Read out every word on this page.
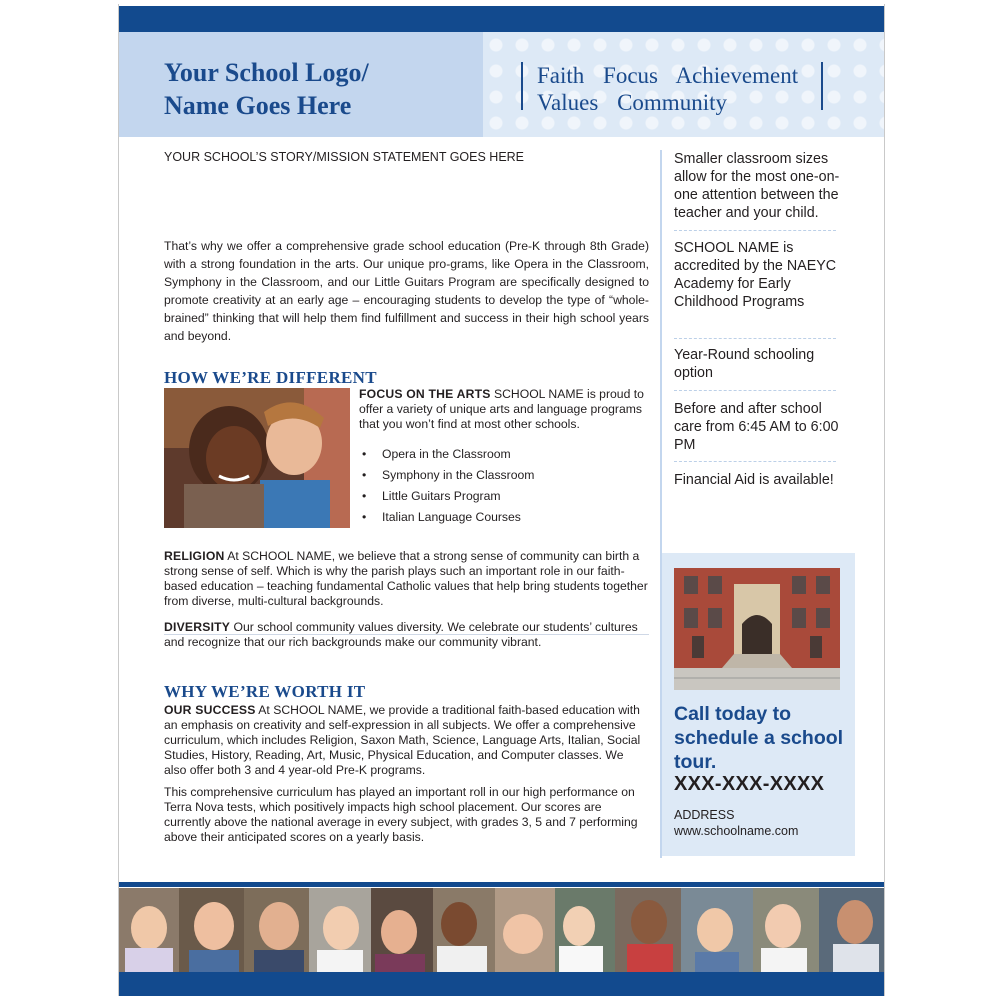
Your School Logo/
Name Goes Here
Faith Focus Achievement
Values Community
YOUR SCHOOL’S STORY/MISSION STATEMENT GOES HERE
That’s why we offer a comprehensive grade school education (Pre-K through 8th Grade) with a strong foundation in the arts. Our unique pro-grams, like Opera in the Classroom, Symphony in the Classroom, and our Little Guitars Program are specifically designed to promote creativity at an early age – encouraging students to develop the type of “whole-brained” thinking that will help them find fulfillment and success in their high school years and beyond.
HOW WE’RE DIFFERENT
FOCUS ON THE ARTS SCHOOL NAME is proud to offer a variety of unique arts and language programs that you won’t find at most other schools.
• Opera in the Classroom
• Symphony in the Classroom
• Little Guitars Program
• Italian Language Courses
RELIGION At SCHOOL NAME, we believe that a strong sense of community can birth a strong sense of self. Which is why the parish plays such an important role in our faith-based education – teaching fundamental Catholic values that help bring students together from diverse, multi-cultural backgrounds.
DIVERSITY Our school community values diversity. We celebrate our students’ cultures and recognize that our rich backgrounds make our community vibrant.
WHY WE’RE WORTH IT
OUR SUCCESS At SCHOOL NAME, we provide a traditional faith-based education with an emphasis on creativity and self-expression in all subjects. We offer a comprehensive curriculum, which includes Religion, Saxon Math, Science, Language Arts, Italian, Social Studies, History, Reading, Art, Music, Physical Education, and Computer classes. We also offer both 3 and 4 year-old Pre-K programs.
This comprehensive curriculum has played an important roll in our high performance on Terra Nova tests, which positively impacts high school placement. Our scores are currently above the national average in every subject, with grades 3, 5 and 7 performing above their anticipated scores on a yearly basis.
Smaller classroom sizes allow for the most one-on-one attention between the teacher and your child.
SCHOOL NAME is accredited by the NAEYC Academy for Early Childhood Programs
Year-Round schooling option
Before and after school care from 6:45 AM to 6:00 PM
Financial Aid is available!
Call today to schedule a school tour.
XXX-XXX-XXXX
ADDRESS
www.schoolname.com
